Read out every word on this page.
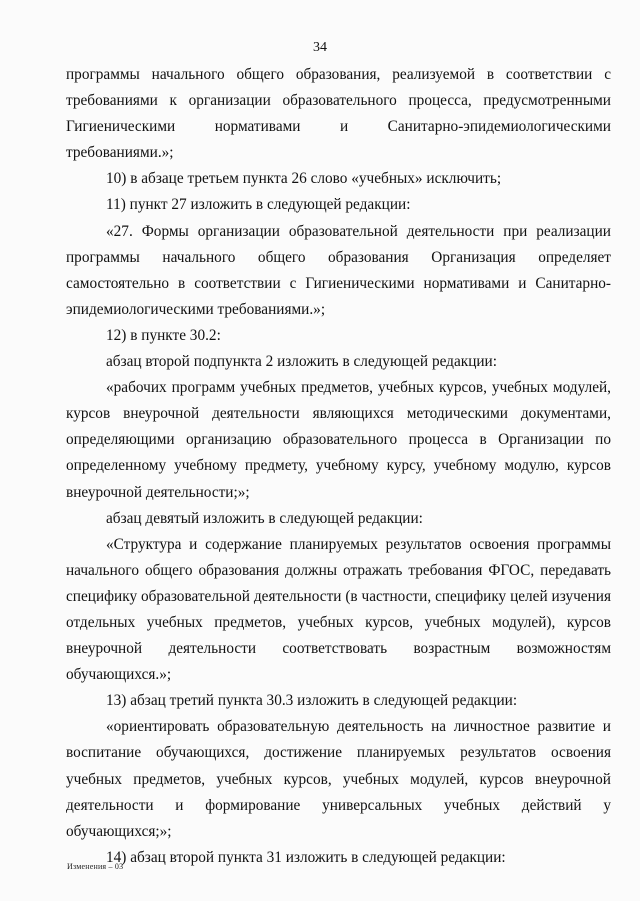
34

программы начального общего образования, реализуемой в соответствии с требованиями к организации образовательного процесса, предусмотренными Гигиеническими нормативами и Санитарно-эпидемиологическими требованиями.»;

10) в абзаце третьем пункта 26 слово «учебных» исключить;

11) пункт 27 изложить в следующей редакции:

«27. Формы организации образовательной деятельности при реализации программы начального общего образования Организация определяет самостоятельно в соответствии с Гигиеническими нормативами и Санитарно-эпидемиологическими требованиями.»;

12) в пункте 30.2:

абзац второй подпункта 2 изложить в следующей редакции:

«рабочих программ учебных предметов, учебных курсов, учебных модулей, курсов внеурочной деятельности являющихся методическими документами, определяющими организацию образовательного процесса в Организации по определенному учебному предмету, учебному курсу, учебному модулю, курсов внеурочной деятельности;»;

абзац девятый изложить в следующей редакции:

«Структура и содержание планируемых результатов освоения программы начального общего образования должны отражать требования ФГОС, передавать специфику образовательной деятельности (в частности, специфику целей изучения отдельных учебных предметов, учебных курсов, учебных модулей), курсов внеурочной деятельности соответствовать возрастным возможностям обучающихся.»;

13) абзац третий пункта 30.3 изложить в следующей редакции:

«ориентировать образовательную деятельность на личностное развитие и воспитание обучающихся, достижение планируемых результатов освоения учебных предметов, учебных курсов, учебных модулей, курсов внеурочной деятельности и формирование универсальных учебных действий у обучающихся;»;

14) абзац второй пункта 31 изложить в следующей редакции:

Изменения – 03
